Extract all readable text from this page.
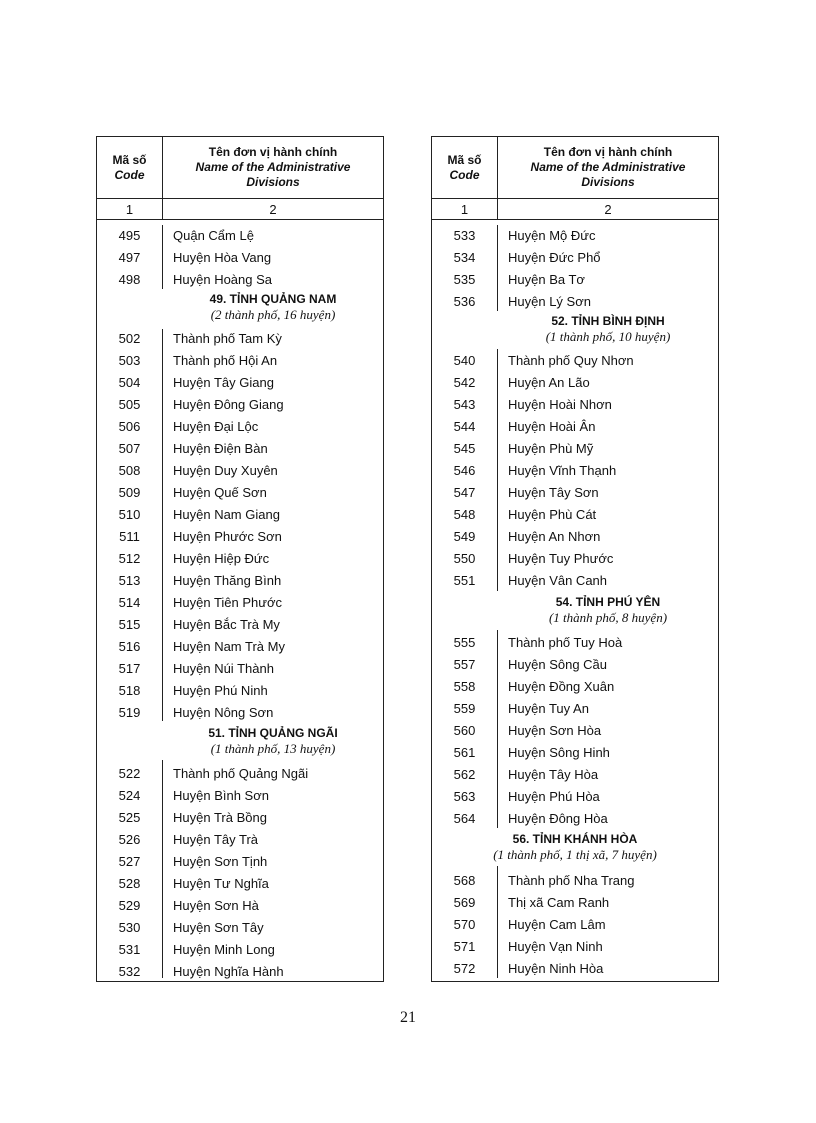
Mã số
Code
Tên đơn vị hành chính
Name of the Administrative
Divisions
1	2
49. TỈNH QUẢNG NAM
(2 thành phố, 16 huyện)
51. TỈNH QUẢNG NGÃI
(1 thành phố, 13 huyện)
495	Quận Cẩm Lệ
497	Huyện Hòa Vang
498	Huyện Hoàng Sa
502	Thành phố Tam Kỳ
503	Thành phố Hội An
504	Huyện Tây Giang
505	Huyện Đông Giang
506	Huyện Đại Lộc
507	Huyện Điện Bàn
508	Huyện Duy Xuyên
509	Huyện Quế Sơn
510	Huyện Nam Giang
511	Huyện Phước Sơn
512	Huyện Hiệp Đức
513	Huyện Thăng Bình
514	Huyện Tiên Phước
515	Huyện Bắc Trà My
516	Huyện Nam Trà My
517	Huyện Núi Thành
518	Huyện Phú Ninh
519	Huyện Nông Sơn
522	Thành phố Quảng Ngãi
524	Huyện Bình Sơn
525	Huyện Trà Bồng
526	Huyện Tây Trà
527	Huyện Sơn Tịnh
528	Huyện Tư Nghĩa
529	Huyện Sơn Hà
530	Huyện Sơn Tây
531	Huyện Minh Long
532	Huyện Nghĩa Hành
Mã số
Code
Tên đơn vị hành chính
Name of the Administrative
Divisions
1	2
52. TỈNH BÌNH ĐỊNH
(1 thành phố, 10 huyện)
54. TỈNH PHÚ YÊN
(1 thành phố, 8 huyện)
56. TỈNH KHÁNH HÒA
(1 thành phố, 1 thị xã, 7 huyện)
533	Huyện Mộ Đức
534	Huyện Đức Phổ
535	Huyện Ba Tơ
536	Huyện Lý Sơn
540	Thành phố Quy Nhơn
542	Huyện An Lão
543	Huyện Hoài Nhơn
544	Huyện Hoài Ân
545	Huyện Phù Mỹ
546	Huyện Vĩnh Thạnh
547	Huyện Tây Sơn
548	Huyện Phù Cát
549	Huyện An Nhơn
550	Huyện Tuy Phước
551	Huyện Vân Canh
555	Thành phố Tuy Hoà
557	Huyện Sông Cầu
558	Huyện Đồng Xuân
559	Huyện Tuy An
560	Huyện Sơn Hòa
561	Huyện Sông Hinh
562	Huyện Tây Hòa
563	Huyện Phú Hòa
564	Huyện Đông Hòa
568	Thành phố Nha Trang
569	Thị xã Cam Ranh
570	Huyện Cam Lâm
571	Huyện Vạn Ninh
572	Huyện Ninh Hòa
21
